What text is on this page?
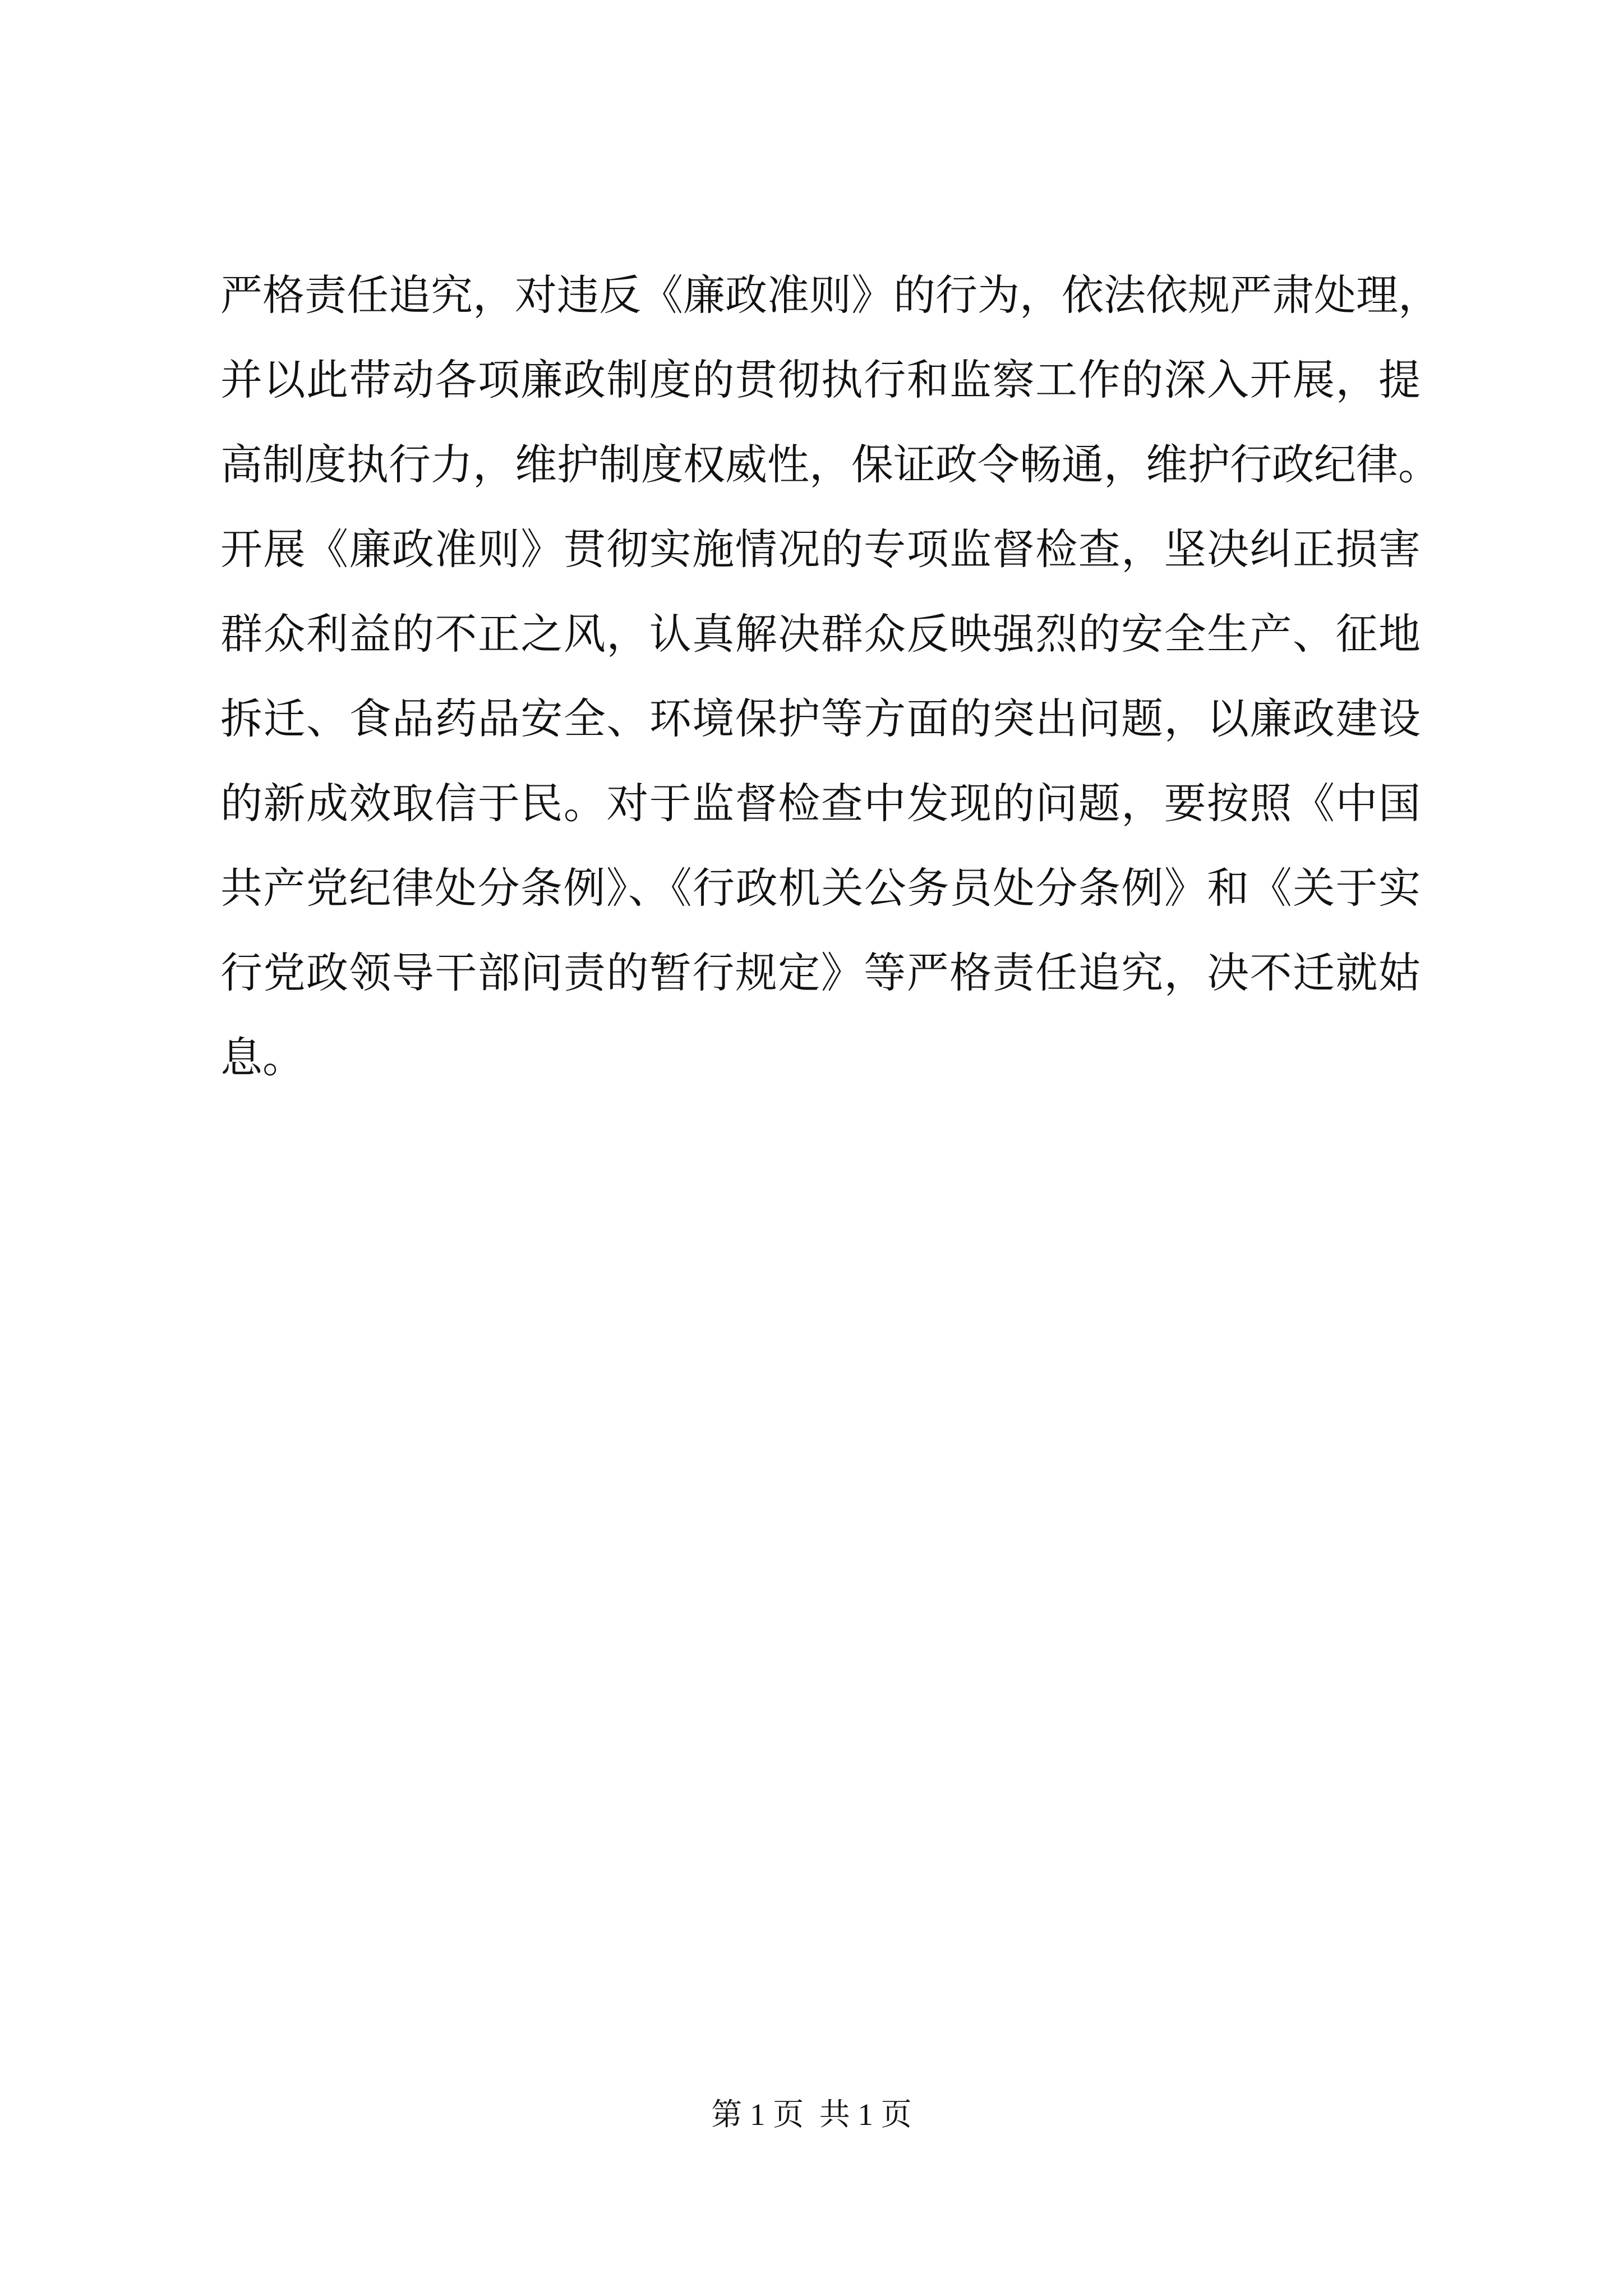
严格责任追究，对违反《廉政准则》的行为，依法依规严肃处理，
并以此带动各项廉政制度的贯彻执行和监察工作的深入开展，提
高制度执行力，维护制度权威性，保证政令畅通，维护行政纪律。
开展《廉政准则》贯彻实施情况的专项监督检查，坚决纠正损害
群众利益的不正之风，认真解决群众反映强烈的安全生产、征地
拆迁、食品药品安全、环境保护等方面的突出问题，以廉政建设
的新成效取信于民。对于监督检查中发现的问题，要按照《中国
共产党纪律处分条例》、《行政机关公务员处分条例》和《关于实
行党政领导干部问责的暂行规定》等严格责任追究，决不迁就姑
息。
第 1 页 共 1 页
